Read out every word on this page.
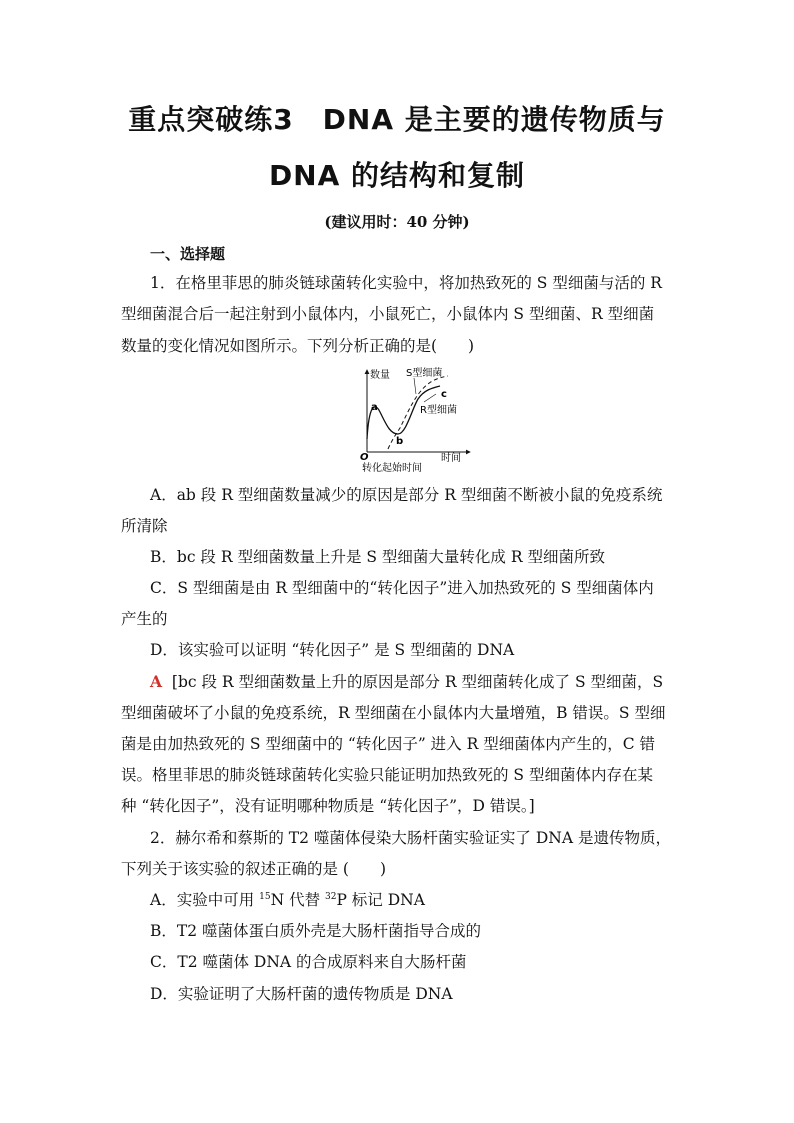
重点突破练3　DNA 是主要的遗传物质与
DNA 的结构和复制
(建议用时：40 分钟)
一、选择题
1．在格里菲思的肺炎链球菌转化实验中，将加热致死的 S 型细菌与活的 R
型细菌混合后一起注射到小鼠体内，小鼠死亡，小鼠体内 S 型细菌、R 型细菌
数量的变化情况如图所示。下列分析正确的是(　　)
数量 S型细菌
R型细菌
a
b
c
O	时间
转化起始时间
A．ab 段 R 型细菌数量减少的原因是部分 R 型细菌不断被小鼠的免疫系统
所清除
B．bc 段 R 型细菌数量上升是 S 型细菌大量转化成 R 型细菌所致
C．S 型细菌是由 R 型细菌中的“转化因子”进入加热致死的 S 型细菌体内
产生的
D．该实验可以证明 “转化因子” 是 S 型细菌的 DNA
A [bc 段 R 型细菌数量上升的原因是部分 R 型细菌转化成了 S 型细菌，S
型细菌破坏了小鼠的免疫系统，R 型细菌在小鼠体内大量增殖，B 错误。S 型细
菌是由加热致死的 S 型细菌中的 “转化因子” 进入 R 型细菌体内产生的，C 错
误。格里菲思的肺炎链球菌转化实验只能证明加热致死的 S 型细菌体内存在某
种 “转化因子”，没有证明哪种物质是 “转化因子”，D 错误。]
2．赫尔希和蔡斯的 T2 噬菌体侵染大肠杆菌实验证实了 DNA 是遗传物质，
下列关于该实验的叙述正确的是 (　　)
A．实验中可用 $^{15}$N 代替 $^{32}$P 标记 DNA
B．T2 噬菌体蛋白质外壳是大肠杆菌指导合成的
C．T2 噬菌体 DNA 的合成原料来自大肠杆菌
D．实验证明了大肠杆菌的遗传物质是 DNA
